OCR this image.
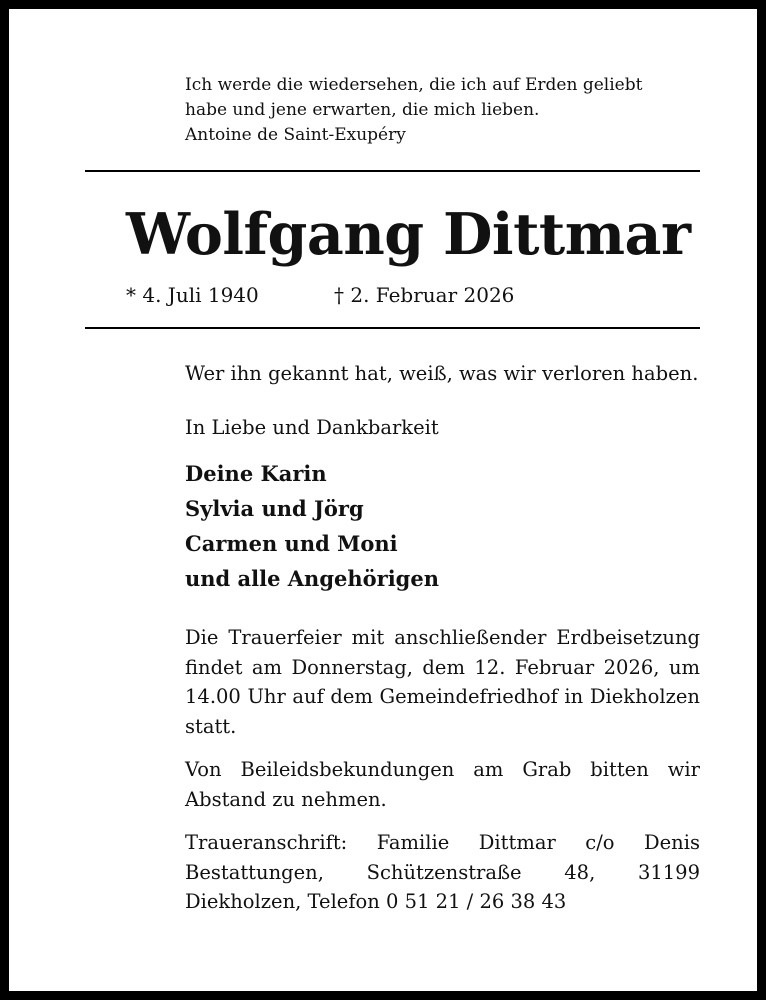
Ich werde die wiedersehen, die ich auf Erden geliebt
habe und jene erwarten, die mich lieben.
Antoine de Saint-Exupéry
Wolfgang Dittmar
* 4. Juli 1940	† 2. Februar 2026

Wer ihn gekannt hat, weiß, was wir verloren haben.

In Liebe und Dankbarkeit

Deine Karin
Sylvia und Jörg
Carmen und Moni
und alle Angehörigen

Die Trauerfeier mit anschließender Erdbeisetzung findet am Donnerstag, dem 12. Februar 2026, um 14.00 Uhr auf dem Gemeindefriedhof in Diekholzen statt.

Von Beileidsbekundungen am Grab bitten wir Abstand zu nehmen.

Traueranschrift: Familie Dittmar c/o Denis Bestattungen, Schützenstraße 48, 31199 Diekholzen, Telefon 0 51 21 / 26 38 43
